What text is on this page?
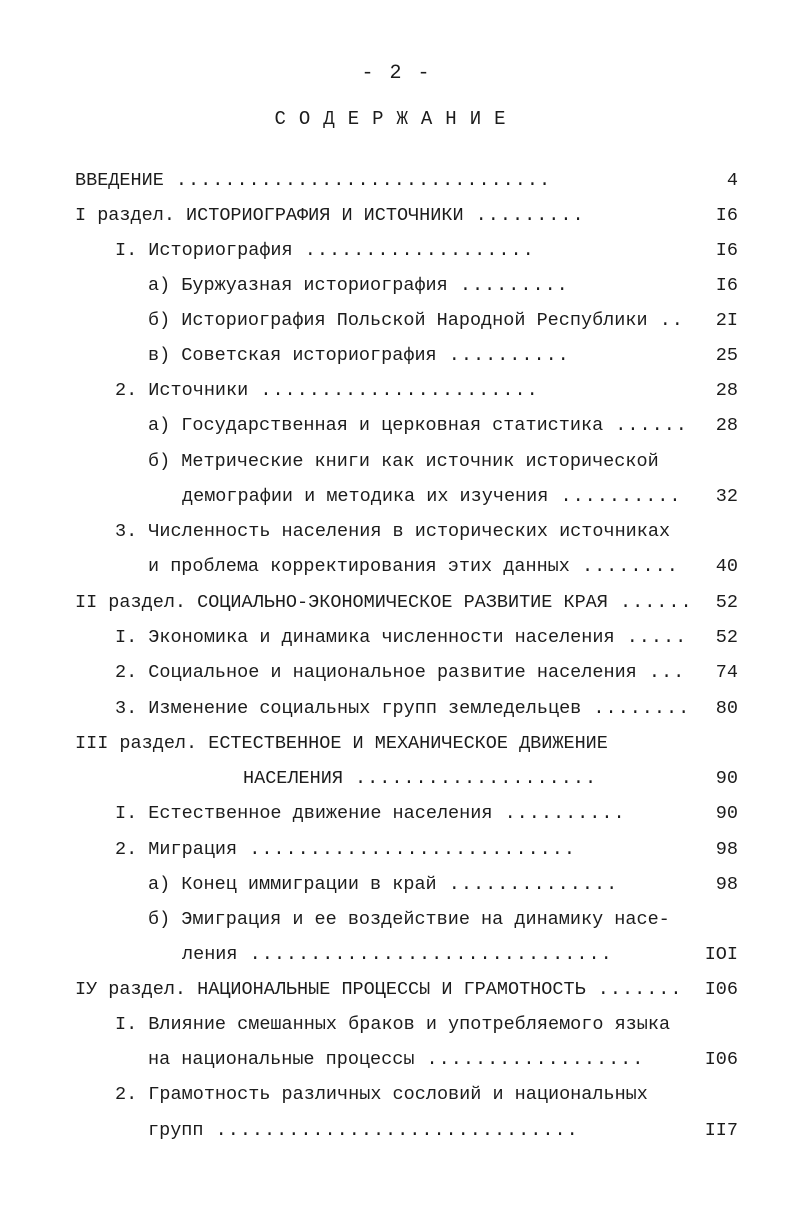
- 2 -
СОДЕРЖАНИЕ
ВВЕДЕНИЕ ...............................	4
I раздел. ИСТОРИОГРАФИЯ И ИСТОЧНИКИ .........	I6
I. Историография ...................	I6
а) Буржуазная историография .........	I6
б) Историография Польской Народной Республики .. 2I
в) Советская историография ..........	25
2. Источники .......................	28
а) Государственная и церковная статистика ...... 28
б) Метрические книги как источник исторической
демографии и методика их изучения .......... 32
3. Численность населения в исторических источниках
и проблема корректирования этих данных ........ 40
II раздел. СОЦИАЛЬНО-ЭКОНОМИЧЕСКОЕ РАЗВИТИЕ КРАЯ ...... 52
I. Экономика и динамика численности населения ..... 52
2. Социальное и национальное развитие населения ... 74
3. Изменение социальных групп земледельцев ........ 80
III раздел. ЕСТЕСТВЕННОЕ И МЕХАНИЧЕСКОЕ ДВИЖЕНИЕ
НАСЕЛЕНИЯ ....................	90
I. Естественное движение населения ..........	90
2. Миграция ...........................	98
а) Конец иммиграции в край ..............	98
б) Эмиграция и ее воздействие на динамику насе-
ления ..............................	IOI
IУ раздел. НАЦИОНАЛЬНЫЕ ПРОЦЕССЫ И ГРАМОТНОСТЬ ....... I06
I. Влияние смешанных браков и употребляемого языка
на национальные процессы ..................	I06
2. Грамотность различных сословий и национальных
групп ..............................	II7
